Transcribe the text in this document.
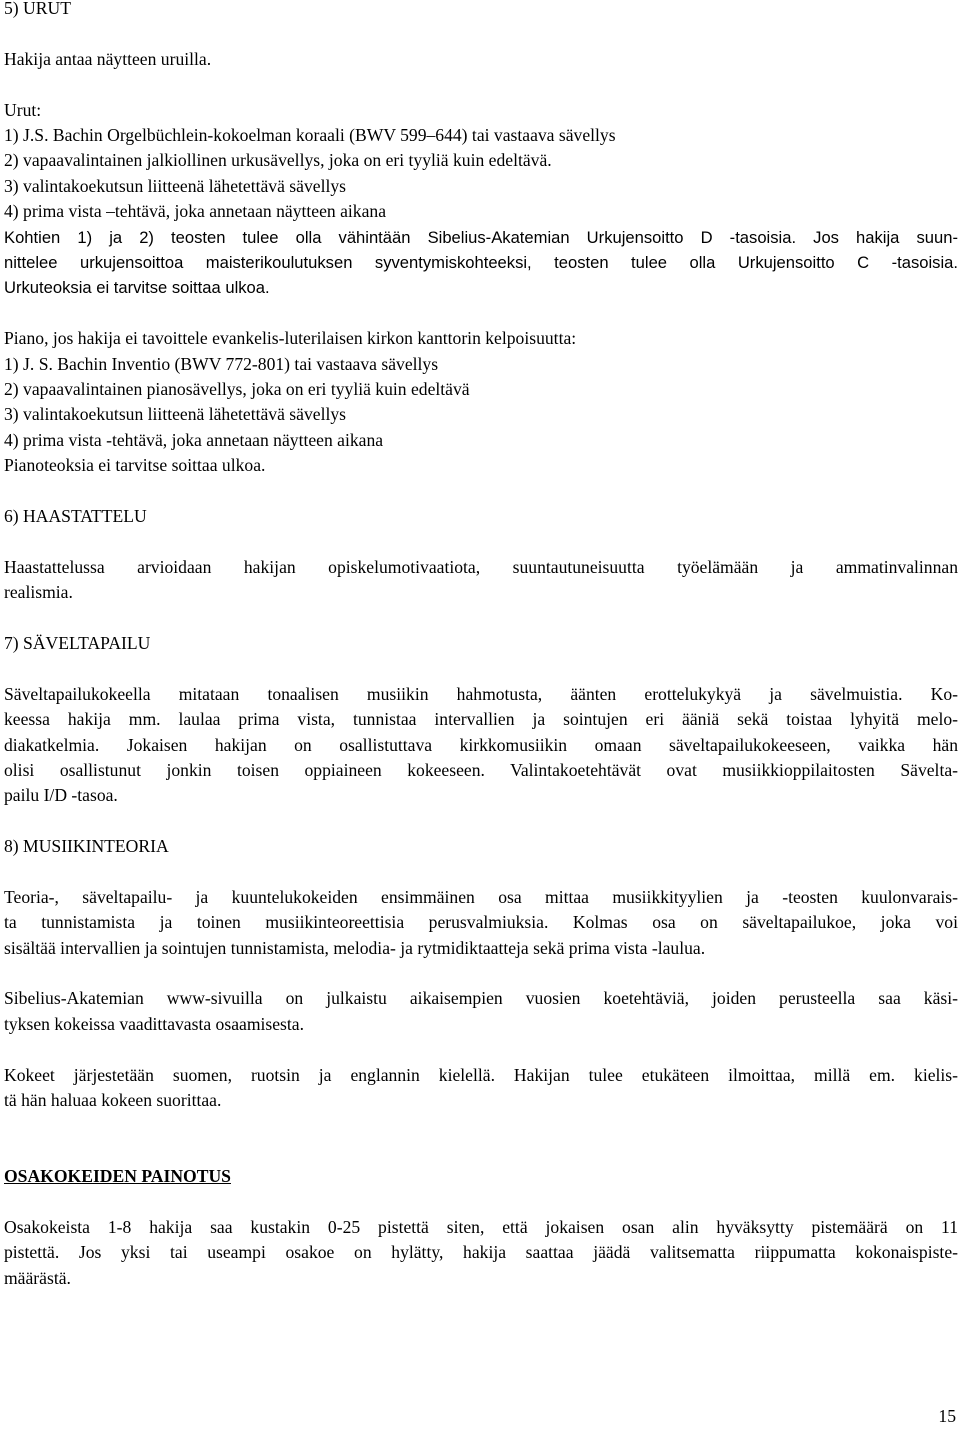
5) URUT
Hakija antaa näytteen uruilla.
Urut:
1) J.S. Bachin Orgelbüchlein-kokoelman koraali (BWV 599–644) tai vastaava sävellys
2) vapaavalintainen jalkiollinen urkusävellys, joka on eri tyyliä kuin edeltävä.
3) valintakoekutsun liitteenä lähetettävä sävellys
4) prima vista –tehtävä, joka annetaan näytteen aikana
Kohtien 1) ja 2) teosten tulee olla vähintään Sibelius-Akatemian Urkujensoitto D -tasoisia. Jos hakija suun-
nittelee urkujensoittoa maisterikoulutuksen syventymiskohteeksi, teosten tulee olla Urkujensoitto C -tasoisia.
Urkuteoksia ei tarvitse soittaa ulkoa.
Piano, jos hakija ei tavoittele evankelis-luterilaisen kirkon kanttorin kelpoisuutta:
1) J. S. Bachin Inventio (BWV 772-801) tai vastaava sävellys
2) vapaavalintainen pianosävellys, joka on eri tyyliä kuin edeltävä
3) valintakoekutsun liitteenä lähetettävä sävellys
4) prima vista -tehtävä, joka annetaan näytteen aikana
Pianoteoksia ei tarvitse soittaa ulkoa.
6) HAASTATTELU
Haastattelussa arvioidaan hakijan opiskelumotivaatiota, suuntautuneisuutta työelämään ja ammatinvalinnan
realismia.
7) SÄVELTAPAILU
Säveltapailukokeella mitataan tonaalisen musiikin hahmotusta, äänten erottelukykyä ja sävelmuistia. Ko-
keessa hakija mm. laulaa prima vista, tunnistaa intervallien ja sointujen eri ääniä sekä toistaa lyhyitä melo-
diakatkelmia. Jokaisen hakijan on osallistuttava kirkkomusiikin omaan säveltapailukokeeseen, vaikka hän
olisi osallistunut jonkin toisen oppiaineen kokeeseen. Valintakoetehtävät ovat musiikkioppilaitosten Sävelta-
pailu I/D -tasoa.
8) MUSIIKINTEORIA
Teoria-, säveltapailu- ja kuuntelukokeiden ensimmäinen osa mittaa musiikkityylien ja -teosten kuulonvarais-
ta tunnistamista ja toinen musiikinteoreettisia perusvalmiuksia. Kolmas osa on säveltapailukoe, joka voi
sisältää intervallien ja sointujen tunnistamista, melodia- ja rytmidiktaatteja sekä prima vista -laulua.
Sibelius-Akatemian www-sivuilla on julkaistu aikaisempien vuosien koetehtäviä, joiden perusteella saa käsi-
tyksen kokeissa vaadittavasta osaamisesta.
Kokeet järjestetään suomen, ruotsin ja englannin kielellä. Hakijan tulee etukäteen ilmoittaa, millä em. kielis-
tä hän haluaa kokeen suorittaa.
OSAKOKEIDEN PAINOTUS
Osakokeista 1-8 hakija saa kustakin 0-25 pistettä siten, että jokaisen osan alin hyväksytty pistemäärä on 11
pistettä. Jos yksi tai useampi osakoe on hylätty, hakija saattaa jäädä valitsematta riippumatta kokonaispiste-
määrästä.
15
